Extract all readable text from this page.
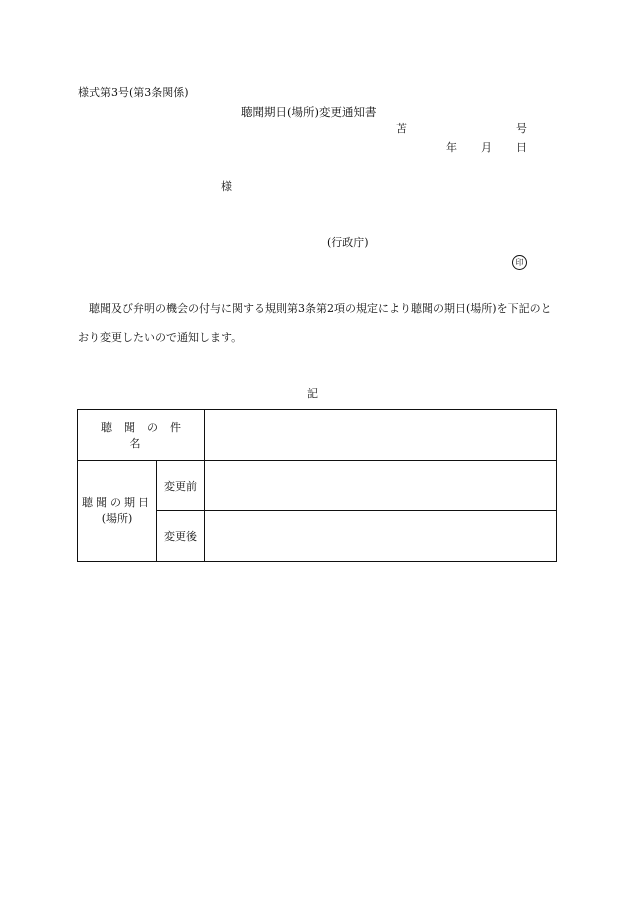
様式第3号(第3条関係)
聴聞期日(場所)変更通知書
苫	号
年 月 日
様
(行政庁)
印

聴聞及び弁明の機会の付与に関する規則第3条第2項の規定により聴聞の期日(場所)を下記のとおり変更したいので通知します。

記
聴聞の件名		

聴聞の期日
(場所)	変更前	
	変更後	
